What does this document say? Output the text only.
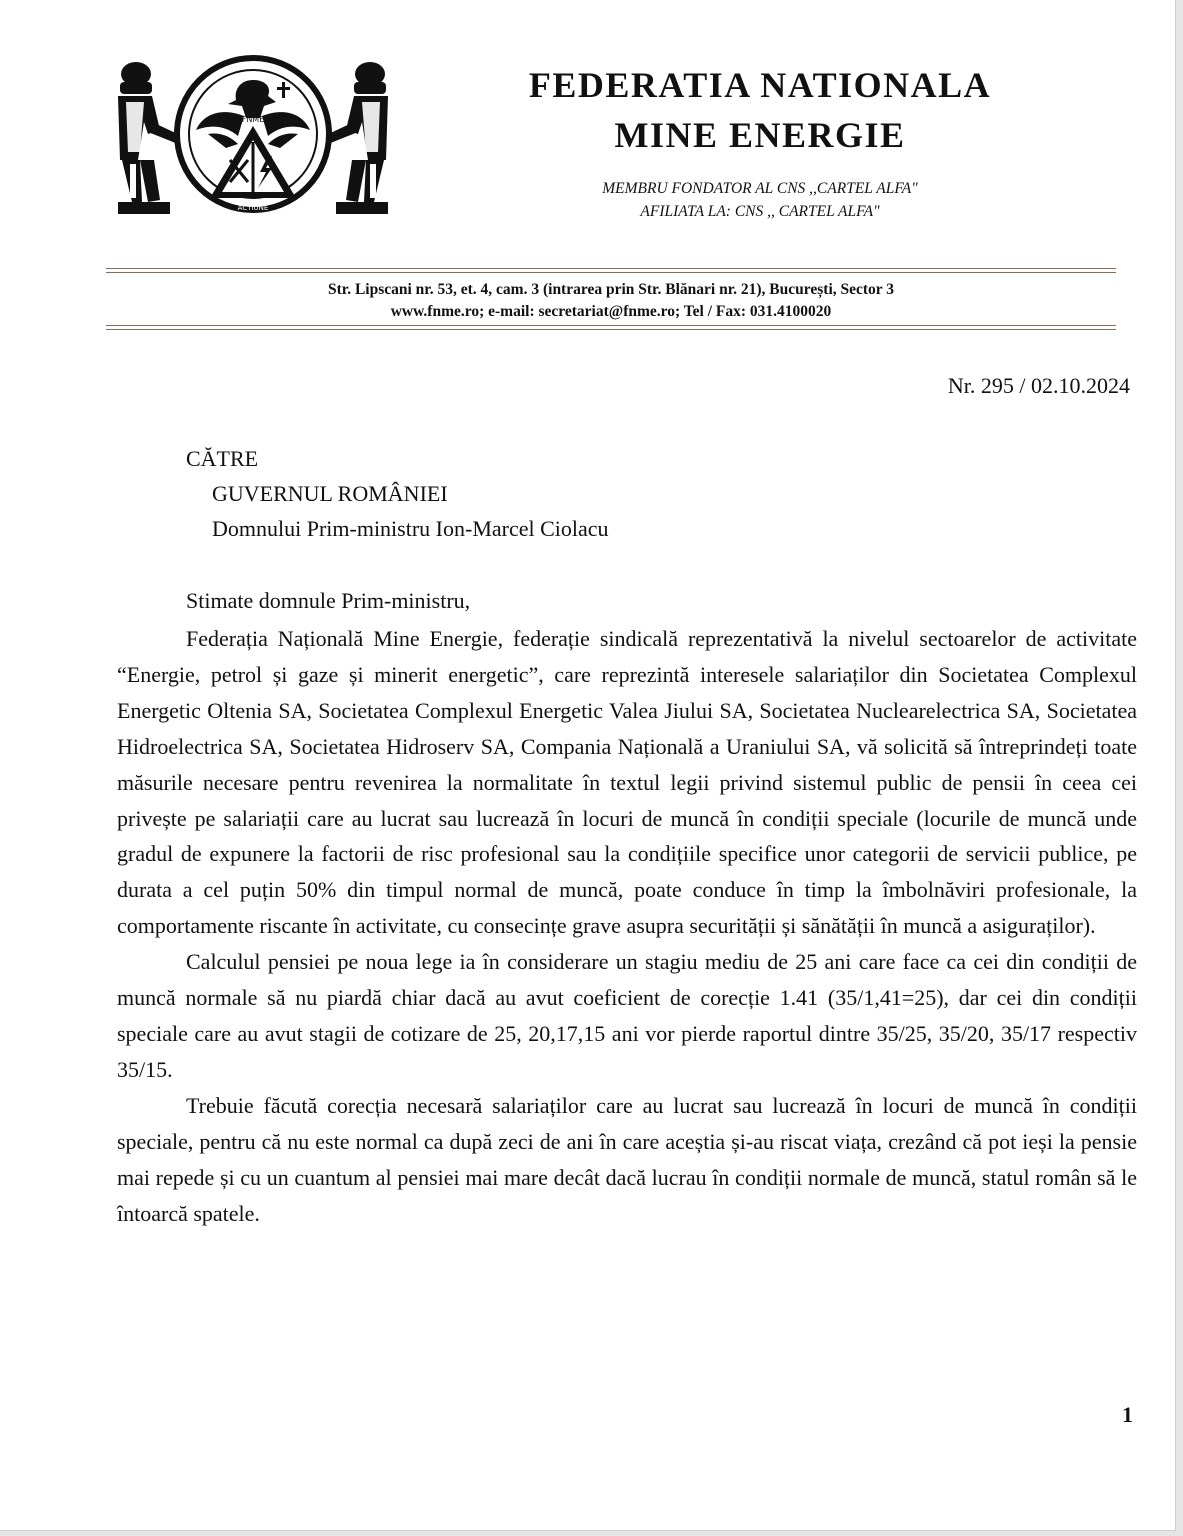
FNME
ACTIUNE

FEDERATIA NATIONALA

MINE ENERGIE

MEMBRU FONDATOR AL CNS ,,CARTEL ALFA"

AFILIATA LA: CNS ,, CARTEL ALFA"

Str. Lipscani nr. 53, et. 4, cam. 3 (intrarea prin Str. Blănari nr. 21), București, Sector 3

www.fnme.ro; e-mail: secretariat@fnme.ro; Tel / Fax: 031.4100020

Nr. 295 / 02.10.2024

CĂTRE

GUVERNUL ROMÂNIEI

Domnului Prim-ministru Ion-Marcel Ciolacu

Stimate domnule Prim-ministru,

Federația Națională Mine Energie, federație sindicală reprezentativă la nivelul sectoarelor de activitate “Energie, petrol și gaze și minerit energetic”, care reprezintă interesele salariaților din Societatea Complexul Energetic Oltenia SA, Societatea Complexul Energetic Valea Jiului SA, Societatea Nuclearelectrica SA, Societatea Hidroelectrica SA, Societatea Hidroserv SA, Compania Națională a Uraniului SA, vă solicită să întreprindeți toate măsurile necesare pentru revenirea la normalitate în textul legii privind sistemul public de pensii în ceea cei privește pe salariații care au lucrat sau lucrează în locuri de muncă în condiții speciale (locurile de muncă unde gradul de expunere la factorii de risc profesional sau la condițiile specifice unor categorii de servicii publice, pe durata a cel puțin 50% din timpul normal de muncă, poate conduce în timp la îmbolnăviri profesionale, la comportamente riscante în activitate, cu consecințe grave asupra securității și sănătății în muncă a asiguraților).

Calculul pensiei pe noua lege ia în considerare un stagiu mediu de 25 ani care face ca cei din condiții de muncă normale să nu piardă chiar dacă au avut coeficient de corecție 1.41 (35/1,41=25), dar cei din condiții speciale care au avut stagii de cotizare de 25, 20,17,15 ani vor pierde raportul dintre 35/25, 35/20, 35/17 respectiv 35/15.

Trebuie făcută corecția necesară salariaților care au lucrat sau lucrează în locuri de muncă în condiții speciale, pentru că nu este normal ca după zeci de ani în care aceștia și-au riscat viața, crezând că pot ieși la pensie mai repede și cu un cuantum al pensiei mai mare decât dacă lucrau în condiții normale de muncă, statul român să le întoarcă spatele.

1
